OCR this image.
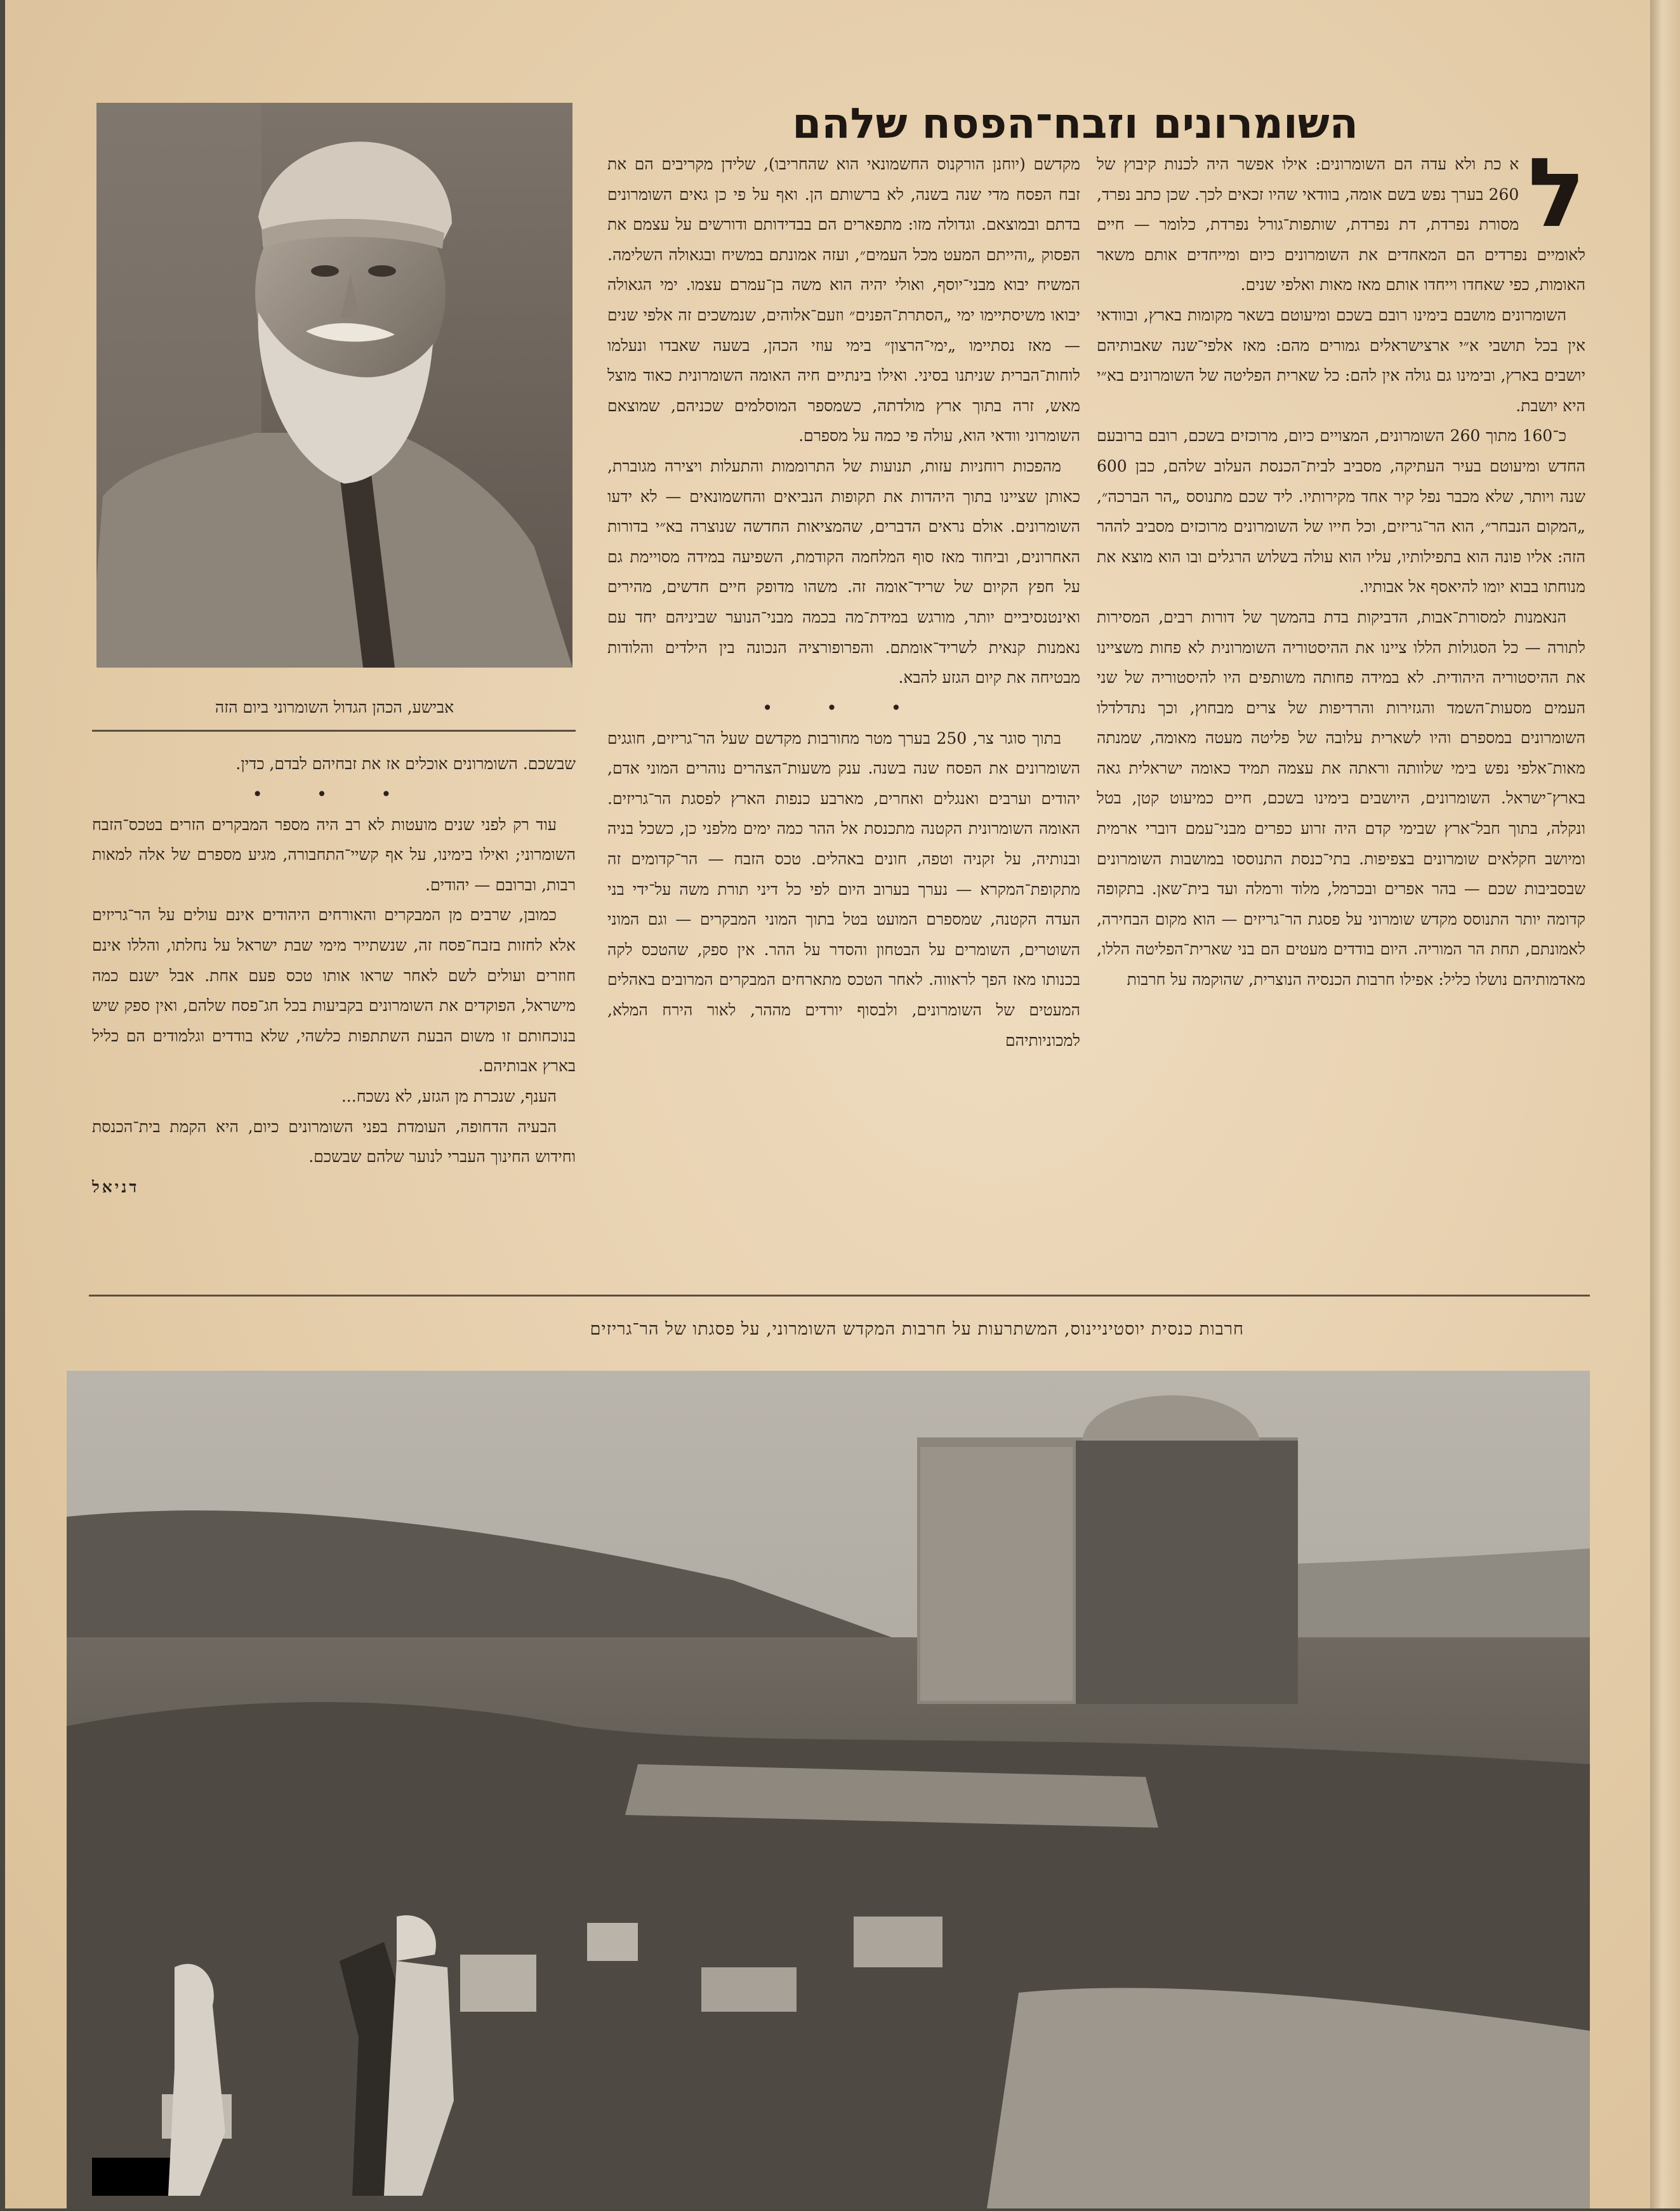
השומרונים וזבח־הפסח שלהם
אבישע, הכהן הגדול השומרוני ביום הזה
ל

א כת ולא עדה הם השומרונים: אילו אפשר היה לכנות קיבוץ של 260 בערך נפש בשם אומה, בוודאי שהיו זכאים לכך. שכן כתב נפרד, מסורת נפרדת, דת נפרדת, שותפות־גורל נפרדת, כלומר — חיים לאומיים נפרדים הם המאחדים את השומרונים כיום ומייחדים אותם משאר האומות, כפי שאחדו וייחדו אותם מאז מאות ואלפי שנים.

השומרונים מושבם בימינו רובם בשכם ומיעוטם בשאר מקומות בארץ, ובוודאי אין בכל תושבי א״י ארצישראלים גמורים מהם: מאז אלפי־שנה שאבותיהם יושבים בארץ, ובימינו גם גולה אין להם: כל שארית הפליטה של השומרונים בא״י היא יושבת.

כ־160 מתוך 260 השומרונים, המצויים כיום, מרוכזים בשכם, רובם ברובעם החדש ומיעוטם בעיר העתיקה, מסביב לבית־הכנסת העלוב שלהם, כבן 600 שנה ויותר, שלא מכבר נפל קיר אחד מקירותיו. ליד שכם מתנוסס „הר הברכה״, „המקום הנבחר״, הוא הר־גריזים, וכל חייו של השומרונים מרוכזים מסביב לההר הזה: אליו פונה הוא בתפילותיו, עליו הוא עולה בשלוש הרגלים ובו הוא מוצא את מנוחתו בבוא יומו להיאסף אל אבותיו.

הנאמנות למסורת־אבות, הדביקות בדת בהמשך של דורות רבים, המסירות לתורה — כל הסגולות הללו ציינו את ההיסטוריה השומרונית לא פחות משציינו את ההיסטוריה היהודית. לא במידה פחותה משותפים היו להיסטוריה של שני העמים מסעות־השמד והגזירות והרדיפות של צרים מבחוץ, וכך נתדלדלו השומרונים במספרם והיו לשארית עלובה של פליטה מעטה מאומה, שמנתה מאות־אלפי נפש בימי שלוותה וראתה את עצמה תמיד כאומה ישראלית גאה בארץ־ישראל. השומרונים, היושבים בימינו בשכם, חיים כמיעוט קטן, בטל ונקלה, בתוך חבל־ארץ שבימי קדם היה זרוע כפרים מבני־עמם דוברי ארמית ומיושב חקלאים שומרונים בצפיפות. בתי־כנסת התנוססו במושבות השומרונים שבסביבות שכם — בהר אפרים ובכרמל, מלוד ורמלה ועד בית־שאן. בתקופה קדומה יותר התנוסס מקדש שומרוני על פסגת הר־גריזים — הוא מקום הבחירה, לאמונתם, תחת הר המוריה. היום בודדים מעטים הם בני שארית־הפליטה הללו, מאדמותיהם נושלו כליל: אפילו חרבות הכנסיה הנוצרית, שהוקמה על חרבות

מקדשם (יוחנן הורקנוס החשמונאי הוא שהחריבו), שלידן מקריבים הם את זבח הפסח מדי שנה בשנה, לא ברשותם הן. ואף על פי כן גאים השומרונים בדתם ובמוצאם. וגדולה מזו: מתפארים הם בבדידותם ודורשים על עצמם את הפסוק „והייתם המעט מכל העמים״, ועזה אמונתם במשיח ובגאולה השלימה. המשיח יבוא מבני־יוסף, ואולי יהיה הוא משה בן־עמרם עצמו. ימי הגאולה יבואו משיסתיימו ימי „הסתרת־הפנים״ וזעם־אלוהים, שנמשכים זה אלפי שנים — מאז נסתיימו „ימי־הרצון״ בימי עוזי הכהן, בשעה שאבדו ונעלמו לוחות־הברית שניתנו בסיני. ואילו בינתיים חיה האומה השומרונית כאוד מוצל מאש, זרה בתוך ארץ מולדתה, כשמספר המוסלמים שכניהם, שמוצאם השומרוני וודאי הוא, עולה פי כמה על מספרם.

מהפכות רוחניות עזות, תנועות של התרוממות והתעלות ויצירה מגוברת, כאותן שציינו בתוך היהדות את תקופות הנביאים והחשמונאים — לא ידעו השומרונים. אולם נראים הדברים, שהמציאות החדשה שנוצרה בא״י בדורות האחרונים, וביחוד מאז סוף המלחמה הקודמת, השפיעה במידה מסויימת גם על חפץ הקיום של שריד־אומה זה. משהו מדופק חיים חדשים, מהירים ואינטנסיביים יותר, מורגש במידת־מה בכמה מבני־הנוער שביניהם יחד עם נאמנות קנאית לשריד־אומתם. והפרופורציה הנכונה בין הילדים והלודות מבטיחה את קיום הגזע להבא.

• • •

בתוך סוגר צר, 250 בערך מטר מחורבות מקדשם שעל הר־גריזים, חוגגים השומרונים את הפסח שנה בשנה. ענק משעות־הצהרים נוהרים המוני אדם, יהודים וערבים ואנגלים ואחרים, מארבע כנפות הארץ לפסגת הר־גריזים. האומה השומרונית הקטנה מתכנסת אל ההר כמה ימים מלפני כן, כשכל בניה ובנותיה, על זקניה וטפה, חונים באהלים. טכס הזבח — הר־קדומים זה מתקופת־המקרא — נערך בערוב היום לפי כל דיני תורת משה על־ידי בני העדה הקטנה, שמספרם המועט בטל בתוך המוני המבקרים — וגם המוני השוטרים, השומרים על הבטחון והסדר על ההר. אין ספק, שהטכס לקה בכנותו מאז הפך לראווה. לאחר הטכס מתארחים המבקרים המרובים באהלים המעטים של השומרונים, ולבסוף יורדים מההר, לאור הירח המלא, למכוניותיהם

שבשכם. השומרונים אוכלים אז את זבחיהם לבדם, כדין.

• • •

עוד רק לפני שנים מועטות לא רב היה מספר המבקרים הזרים בטכס־הזבח השומרוני; ואילו בימינו, על אף קשיי־התחבורה, מגיע מספרם של אלה למאות רבות, וברובם — יהודים.

כמובן, שרבים מן המבקרים והאורחים היהודים אינם עולים על הר־גריזים אלא לחזות בזבח־פסח זה, שנשתייר מימי שבת ישראל על נחלתו, והללו אינם חוזרים ועולים לשם לאחר שראו אותו טכס פעם אחת. אבל ישנם כמה מישראל, הפוקדים את השומרונים בקביעות בכל חג־פסח שלהם, ואין ספק שיש בנוכחותם זו משום הבעת השתתפות כלשהי, שלא בודדים וגלמודים הם כליל בארץ אבותיהם.

הענף, שנכרת מן הגזע, לא נשכח...

הבעיה הדחופה, העומדת בפני השומרונים כיום, היא הקמת בית־הכנסת וחידוש החינוך העברי לנוער שלהם שבשכם.

דניאל
חרבות כנסית יוסטיניינוס, המשתרעות על חרבות המקדש השומרוני, על פסגתו של הר־גריזים
